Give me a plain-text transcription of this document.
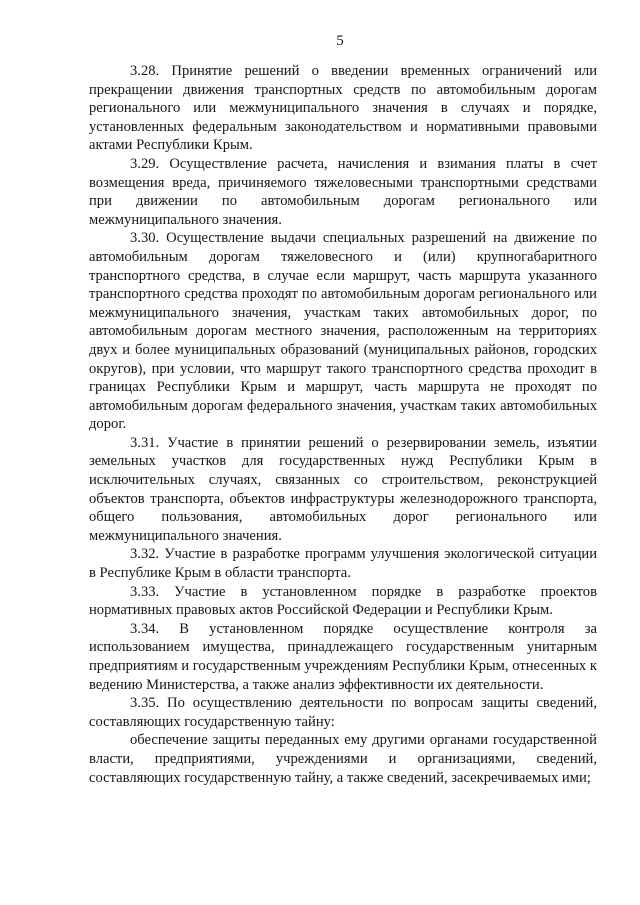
5

3.28. Принятие решений о введении временных ограничений или прекращении движения транспортных средств по автомобильным дорогам регионального или межмуниципального значения в случаях и порядке, установленных федеральным законодательством и нормативными правовыми актами Республики Крым.

3.29. Осуществление расчета, начисления и взимания платы в счет возмещения вреда, причиняемого тяжеловесными транспортными средствами при движении по автомобильным дорогам регионального или межмуниципального значения.

3.30. Осуществление выдачи специальных разрешений на движение по автомобильным дорогам тяжеловесного и (или) крупногабаритного транспортного средства, в случае если маршрут, часть маршрута указанного транспортного средства проходят по автомобильным дорогам регионального или межмуниципального значения, участкам таких автомобильных дорог, по автомобильным дорогам местного значения, расположенным на территориях двух и более муниципальных образований (муниципальных районов, городских округов), при условии, что маршрут такого транспортного средства проходит в границах Республики Крым и маршрут, часть маршрута не проходят по автомобильным дорогам федерального значения, участкам таких автомобильных дорог.

3.31. Участие в принятии решений о резервировании земель, изъятии земельных участков для государственных нужд Республики Крым в исключительных случаях, связанных со строительством, реконструкцией объектов транспорта, объектов инфраструктуры железнодорожного транспорта, общего пользования, автомобильных дорог регионального или межмуниципального значения.

3.32. Участие в разработке программ улучшения экологической ситуации в Республике Крым в области транспорта.

3.33. Участие в установленном порядке в разработке проектов нормативных правовых актов Российской Федерации и Республики Крым.

3.34. В установленном порядке осуществление контроля за использованием имущества, принадлежащего государственным унитарным предприятиям и государственным учреждениям Республики Крым, отнесенных к ведению Министерства, а также анализ эффективности их деятельности.

3.35. По осуществлению деятельности по вопросам защиты сведений, составляющих государственную тайну:

обеспечение защиты переданных ему другими органами государственной власти, предприятиями, учреждениями и организациями, сведений, составляющих государственную тайну, а также сведений, засекречиваемых ими;
